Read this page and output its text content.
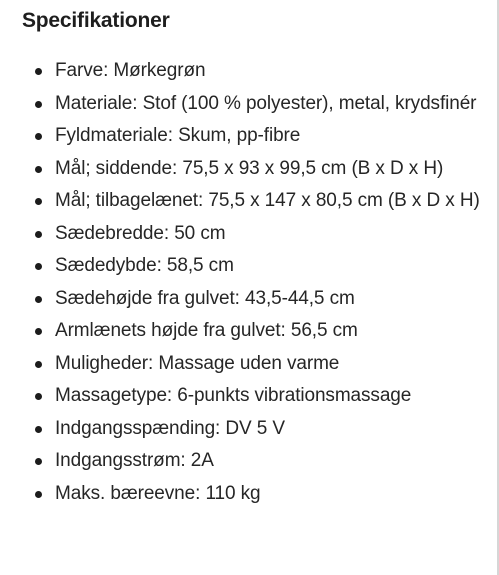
Specifikationer
Farve: Mørkegrøn
Materiale: Stof (100 % polyester), metal, krydsfinér
Fyldmateriale: Skum, pp-fibre
Mål; siddende: 75,5 x 93 x 99,5 cm (B x D x H)
Mål; tilbagelænet: 75,5 x 147 x 80,5 cm (B x D x H)
Sædebredde: 50 cm
Sædedybde: 58,5 cm
Sædehøjde fra gulvet: 43,5-44,5 cm
Armlænets højde fra gulvet: 56,5 cm
Muligheder: Massage uden varme
Massagetype: 6-punkts vibrationsmassage
Indgangsspænding: DV 5 V
Indgangsstrøm: 2A
Maks. bæreevne: 110 kg
